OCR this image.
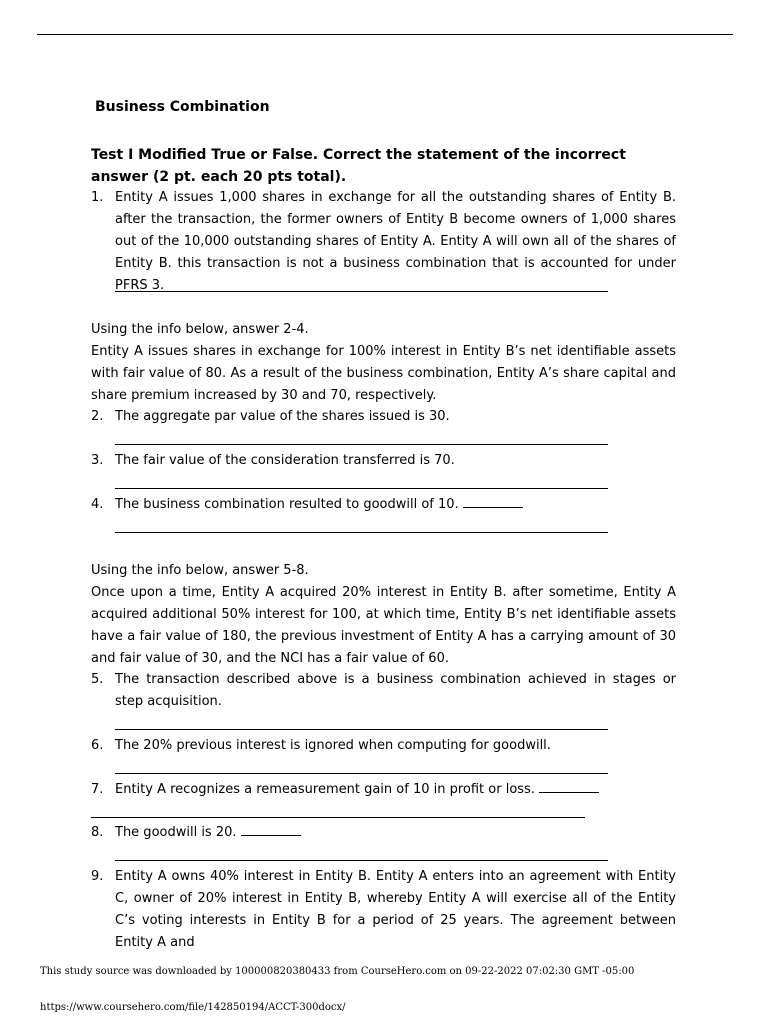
Business Combination
Test I Modified True or False. Correct the statement of the incorrect answer (2 pt. each 20 pts total).
1. Entity A issues 1,000 shares in exchange for all the outstanding shares of Entity B. after the transaction, the former owners of Entity B become owners of 1,000 shares out of the 10,000 outstanding shares of Entity A. Entity A will own all of the shares of Entity B. this transaction is not a business combination that is accounted for under PFRS 3.
Using the info below, answer 2-4.
Entity A issues shares in exchange for 100% interest in Entity B’s net identifiable assets with fair value of 80. As a result of the business combination, Entity A’s share capital and share premium increased by 30 and 70, respectively.
2. The aggregate par value of the shares issued is 30.
3. The fair value of the consideration transferred is 70.
4. The business combination resulted to goodwill of 10.
Using the info below, answer 5-8.
Once upon a time, Entity A acquired 20% interest in Entity B. after sometime, Entity A acquired additional 50% interest for 100, at which time, Entity B’s net identifiable assets have a fair value of 180, the previous investment of Entity A has a carrying amount of 30 and fair value of 30, and the NCI has a fair value of 60.
5. The transaction described above is a business combination achieved in stages or step acquisition.
6. The 20% previous interest is ignored when computing for goodwill.
7. Entity A recognizes a remeasurement gain of 10 in profit or loss.
8. The goodwill is 20.
9. Entity A owns 40% interest in Entity B. Entity A enters into an agreement with Entity C, owner of 20% interest in Entity B, whereby Entity A will exercise all of the Entity C’s voting interests in Entity B for a period of 25 years. The agreement between Entity A and
This study source was downloaded by 100000820380433 from CourseHero.com on 09-22-2022 07:02:30 GMT -05:00
https://www.coursehero.com/file/142850194/ACCT-300docx/
